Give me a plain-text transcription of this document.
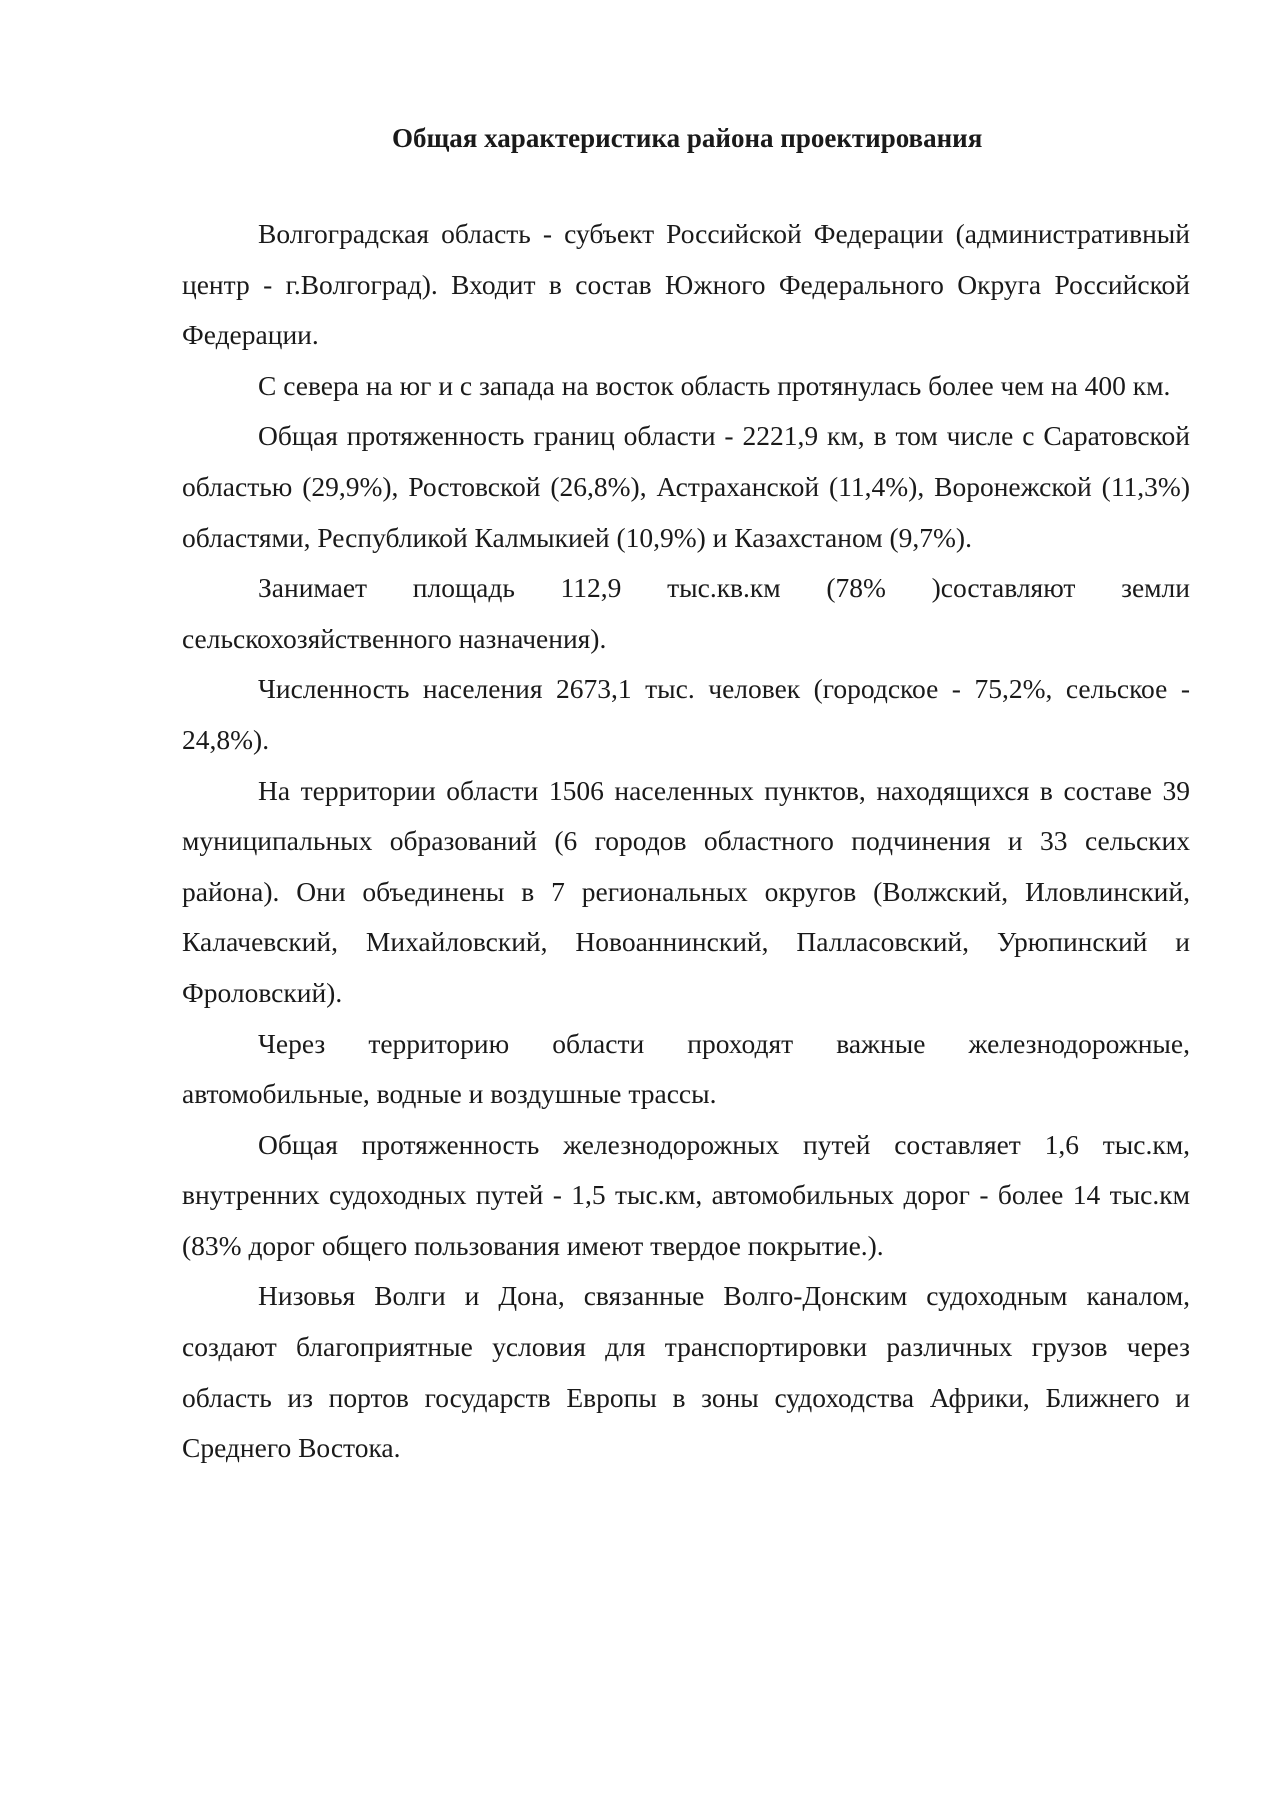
Общая характеристика района проектирования

Волгоградская область - субъект Российской Федерации (административный центр - г.Волгоград). Входит в состав Южного Федерального Округа Российской Федерации.

С севера на юг и с запада на восток область протянулась более чем на 400 км.

Общая протяженность границ области - 2221,9 км, в том числе с Саратовской областью (29,9%), Ростовской (26,8%), Астраханской (11,4%), Воронежской (11,3%) областями, Республикой Калмыкией (10,9%) и Казахстаном (9,7%).

Занимает площадь 112,9 тыс.кв.км (78% )составляют земли сельскохозяйственного назначения).

Численность населения 2673,1 тыс. человек (городское - 75,2%, сельское - 24,8%).

На территории области 1506 населенных пунктов, находящихся в составе 39 муниципальных образований (6 городов областного подчинения и 33 сельских района). Они объединены в 7 региональных округов (Волжский, Иловлинский, Калачевский, Михайловский, Новоаннинский, Палласовский, Урюпинский и Фроловский).

Через территорию области проходят важные железнодорожные, автомобильные, водные и воздушные трассы.

Общая протяженность железнодорожных путей составляет 1,6 тыс.км, внутренних судоходных путей - 1,5 тыс.км, автомобильных дорог - более 14 тыс.км (83% дорог общего пользования имеют твердое покрытие.).

Низовья Волги и Дона, связанные Волго-Донским судоходным каналом, создают благоприятные условия для транспортировки различных грузов через область из портов государств Европы в зоны судоходства Африки, Ближнего и Среднего Востока.
